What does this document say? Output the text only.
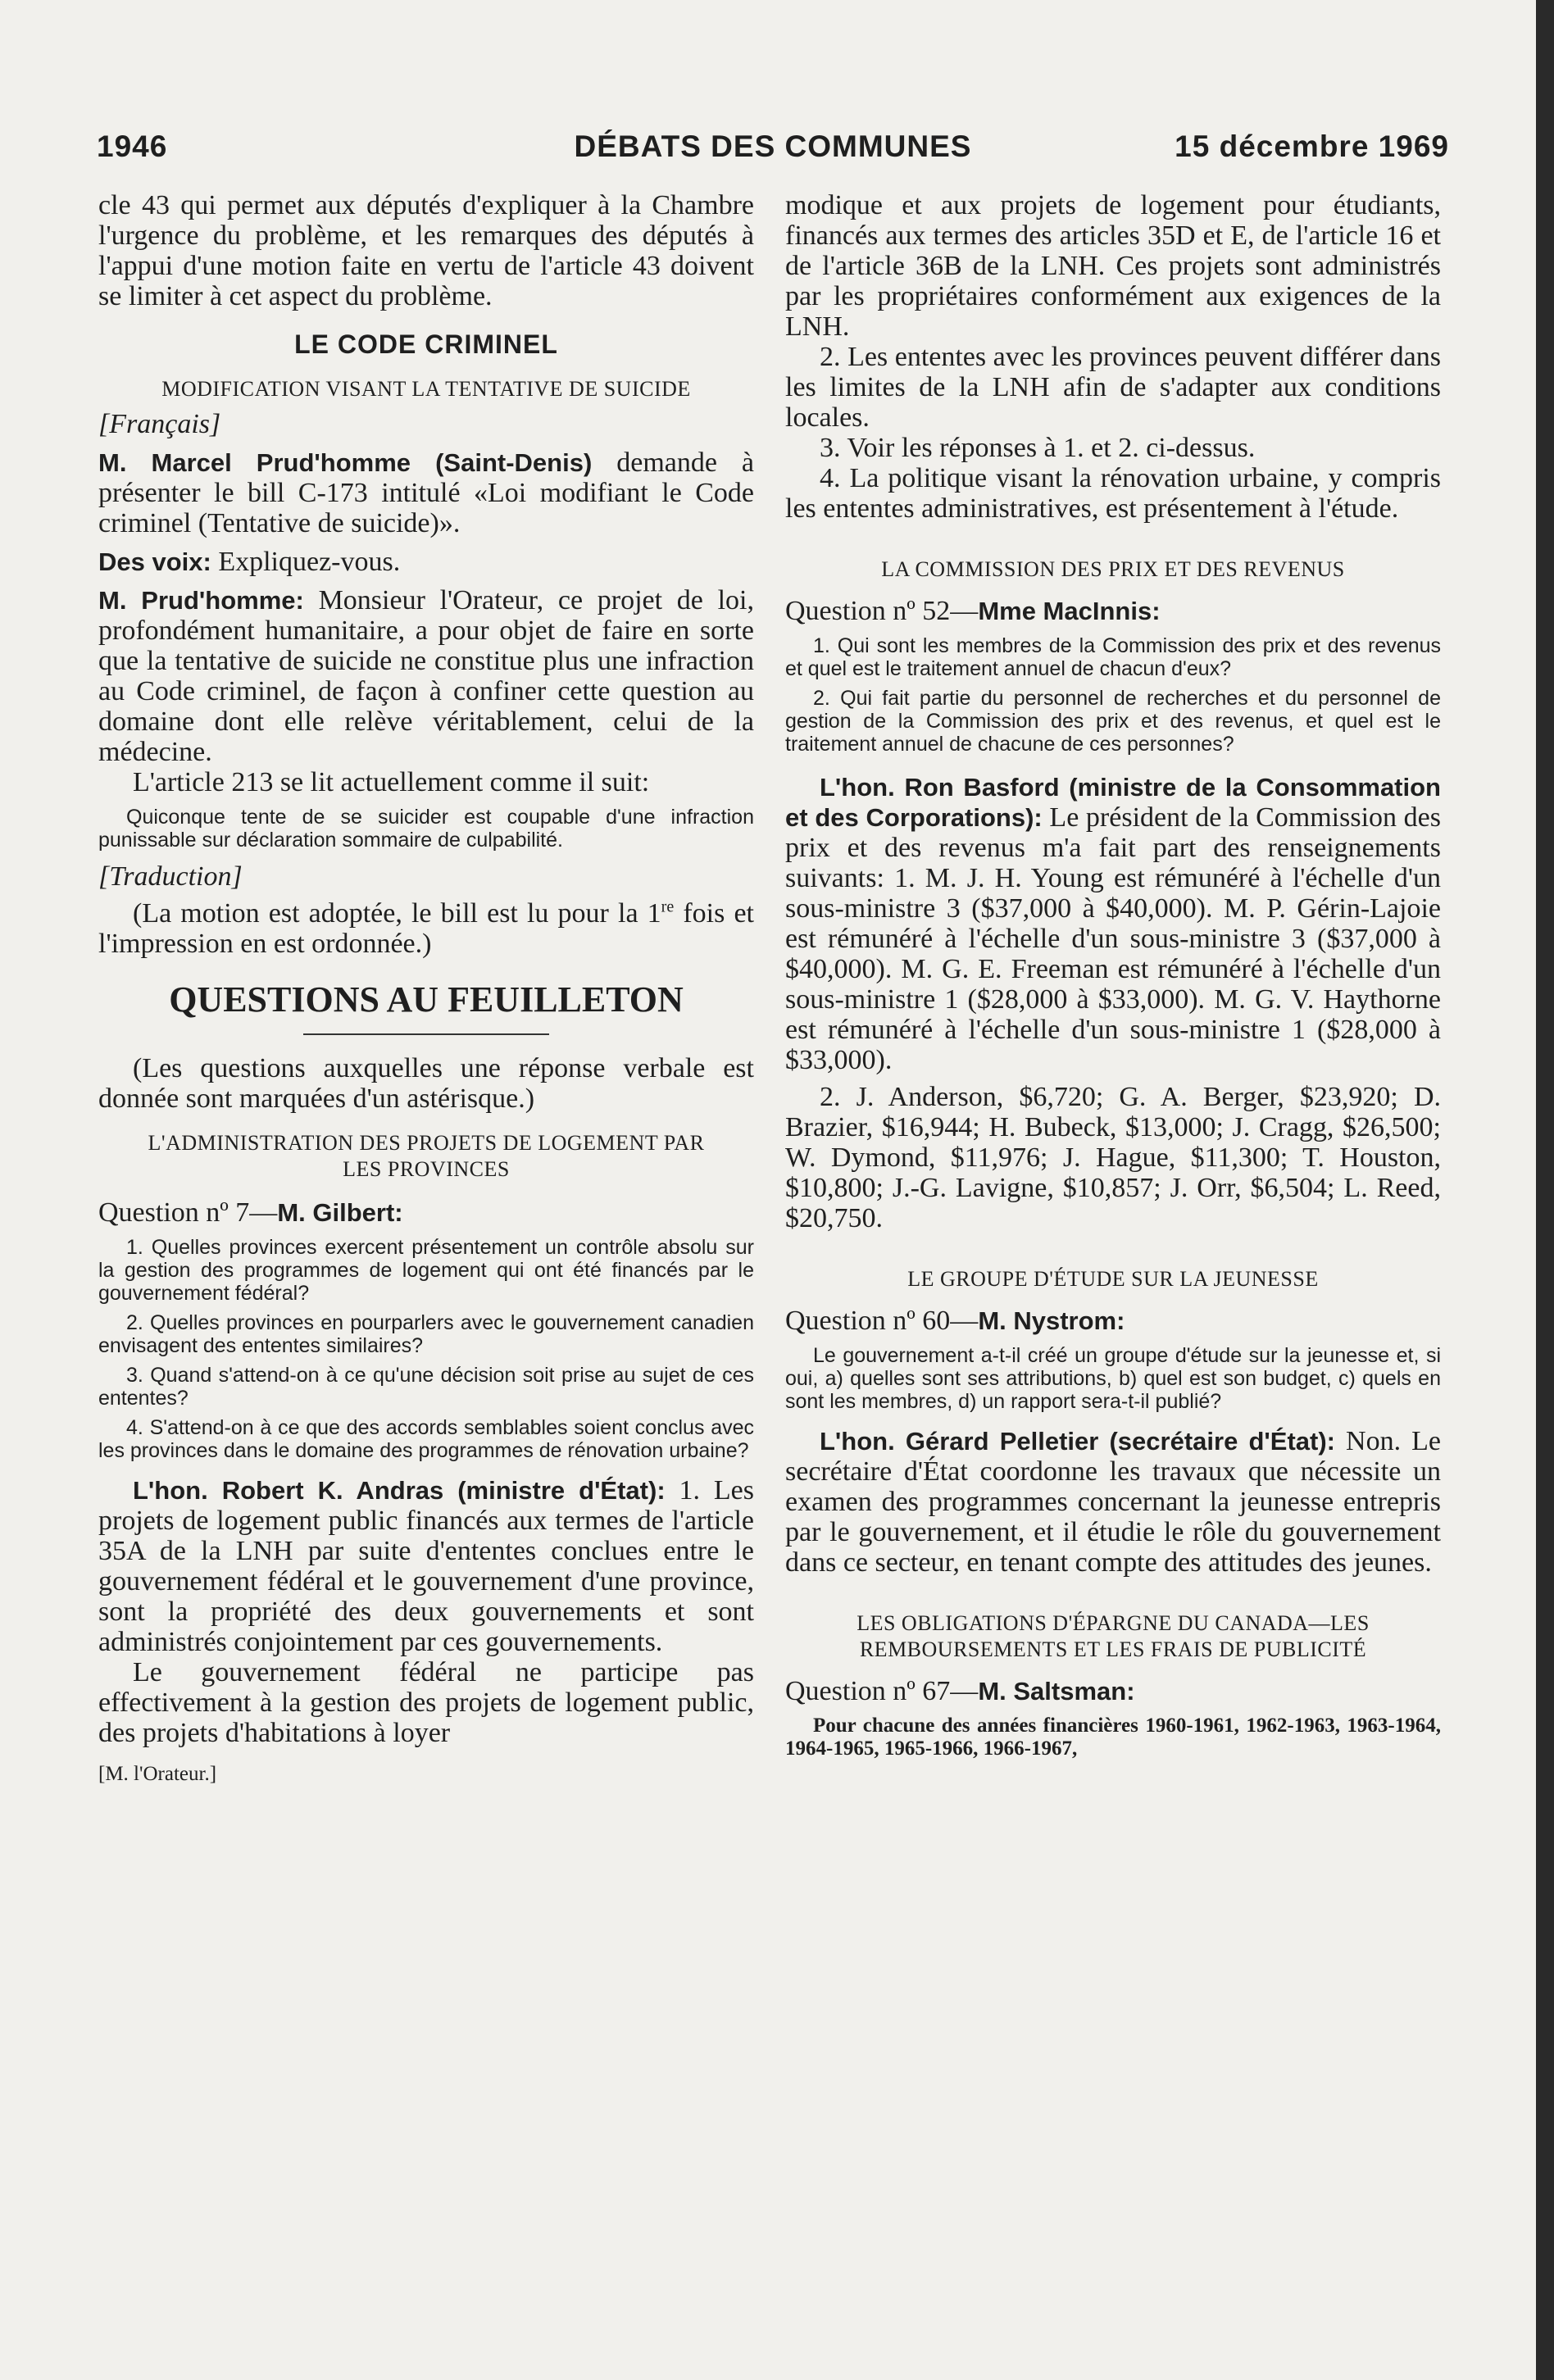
1946	DÉBATS DES COMMUNES	15 décembre 1969

cle 43 qui permet aux députés d'expliquer à la Chambre l'urgence du problème, et les remarques des députés à l'appui d'une motion faite en vertu de l'article 43 doivent se limiter à cet aspect du problème.

LE CODE CRIMINEL

MODIFICATION VISANT LA TENTATIVE DE SUICIDE

[Français]

M. Marcel Prud'homme (Saint-Denis) demande à présenter le bill C-173 intitulé «Loi modifiant le Code criminel (Tentative de suicide)».

Des voix: Expliquez-vous.

M. Prud'homme: Monsieur l'Orateur, ce projet de loi, profondément humanitaire, a pour objet de faire en sorte que la tentative de suicide ne constitue plus une infraction au Code criminel, de façon à confiner cette question au domaine dont elle relève véritablement, celui de la médecine.

L'article 213 se lit actuellement comme il suit:

Quiconque tente de se suicider est coupable d'une infraction punissable sur déclaration sommaire de culpabilité.

[Traduction]

(La motion est adoptée, le bill est lu pour la 1re fois et l'impression en est ordonnée.)

QUESTIONS AU FEUILLETON

(Les questions auxquelles une réponse verbale est donnée sont marquées d'un astérisque.)

L'ADMINISTRATION DES PROJETS DE LOGEMENT PAR LES PROVINCES

Question nº 7—M. Gilbert:

1. Quelles provinces exercent présentement un contrôle absolu sur la gestion des programmes de logement qui ont été financés par le gouvernement fédéral?

2. Quelles provinces en pourparlers avec le gouvernement canadien envisagent des ententes similaires?

3. Quand s'attend-on à ce qu'une décision soit prise au sujet de ces ententes?

4. S'attend-on à ce que des accords semblables soient conclus avec les provinces dans le domaine des programmes de rénovation urbaine?

L'hon. Robert K. Andras (ministre d'État): 1. Les projets de logement public financés aux termes de l'article 35A de la LNH par suite d'ententes conclues entre le gouvernement fédéral et le gouvernement d'une province, sont la propriété des deux gouvernements et sont administrés conjointement par ces gouvernements.

Le gouvernement fédéral ne participe pas effectivement à la gestion des projets de logement public, des projets d'habitations à loyer

[M. l'Orateur.]

modique et aux projets de logement pour étudiants, financés aux termes des articles 35D et E, de l'article 16 et de l'article 36B de la LNH. Ces projets sont administrés par les propriétaires conformément aux exigences de la LNH.

2. Les ententes avec les provinces peuvent différer dans les limites de la LNH afin de s'adapter aux conditions locales.

3. Voir les réponses à 1. et 2. ci-dessus.

4. La politique visant la rénovation urbaine, y compris les ententes administratives, est présentement à l'étude.

LA COMMISSION DES PRIX ET DES REVENUS

Question nº 52—Mme MacInnis:

1. Qui sont les membres de la Commission des prix et des revenus et quel est le traitement annuel de chacun d'eux?

2. Qui fait partie du personnel de recherches et du personnel de gestion de la Commission des prix et des revenus, et quel est le traitement annuel de chacune de ces personnes?

L'hon. Ron Basford (ministre de la Consommation et des Corporations): Le président de la Commission des prix et des revenus m'a fait part des renseignements suivants: 1. M. J. H. Young est rémunéré à l'échelle d'un sous-ministre 3 ($37,000 à $40,000). M. P. Gérin-Lajoie est rémunéré à l'échelle d'un sous-ministre 3 ($37,000 à $40,000). M. G. E. Freeman est rémunéré à l'échelle d'un sous-ministre 1 ($28,000 à $33,000). M. G. V. Haythorne est rémunéré à l'échelle d'un sous-ministre 1 ($28,000 à $33,000).

2. J. Anderson, $6,720; G. A. Berger, $23,920; D. Brazier, $16,944; H. Bubeck, $13,000; J. Cragg, $26,500; W. Dymond, $11,976; J. Hague, $11,300; T. Houston, $10,800; J.-G. Lavigne, $10,857; J. Orr, $6,504; L. Reed, $20,750.

LE GROUPE D'ÉTUDE SUR LA JEUNESSE

Question nº 60—M. Nystrom:

Le gouvernement a-t-il créé un groupe d'étude sur la jeunesse et, si oui, a) quelles sont ses attributions, b) quel est son budget, c) quels en sont les membres, d) un rapport sera-t-il publié?

L'hon. Gérard Pelletier (secrétaire d'État): Non. Le secrétaire d'État coordonne les travaux que nécessite un examen des programmes concernant la jeunesse entrepris par le gouvernement, et il étudie le rôle du gouvernement dans ce secteur, en tenant compte des attitudes des jeunes.

LES OBLIGATIONS D'ÉPARGNE DU CANADA—LES REMBOURSEMENTS ET LES FRAIS DE PUBLICITÉ

Question nº 67—M. Saltsman:

Pour chacune des années financières 1960-1961, 1962-1963, 1963-1964, 1964-1965, 1965-1966, 1966-1967,
